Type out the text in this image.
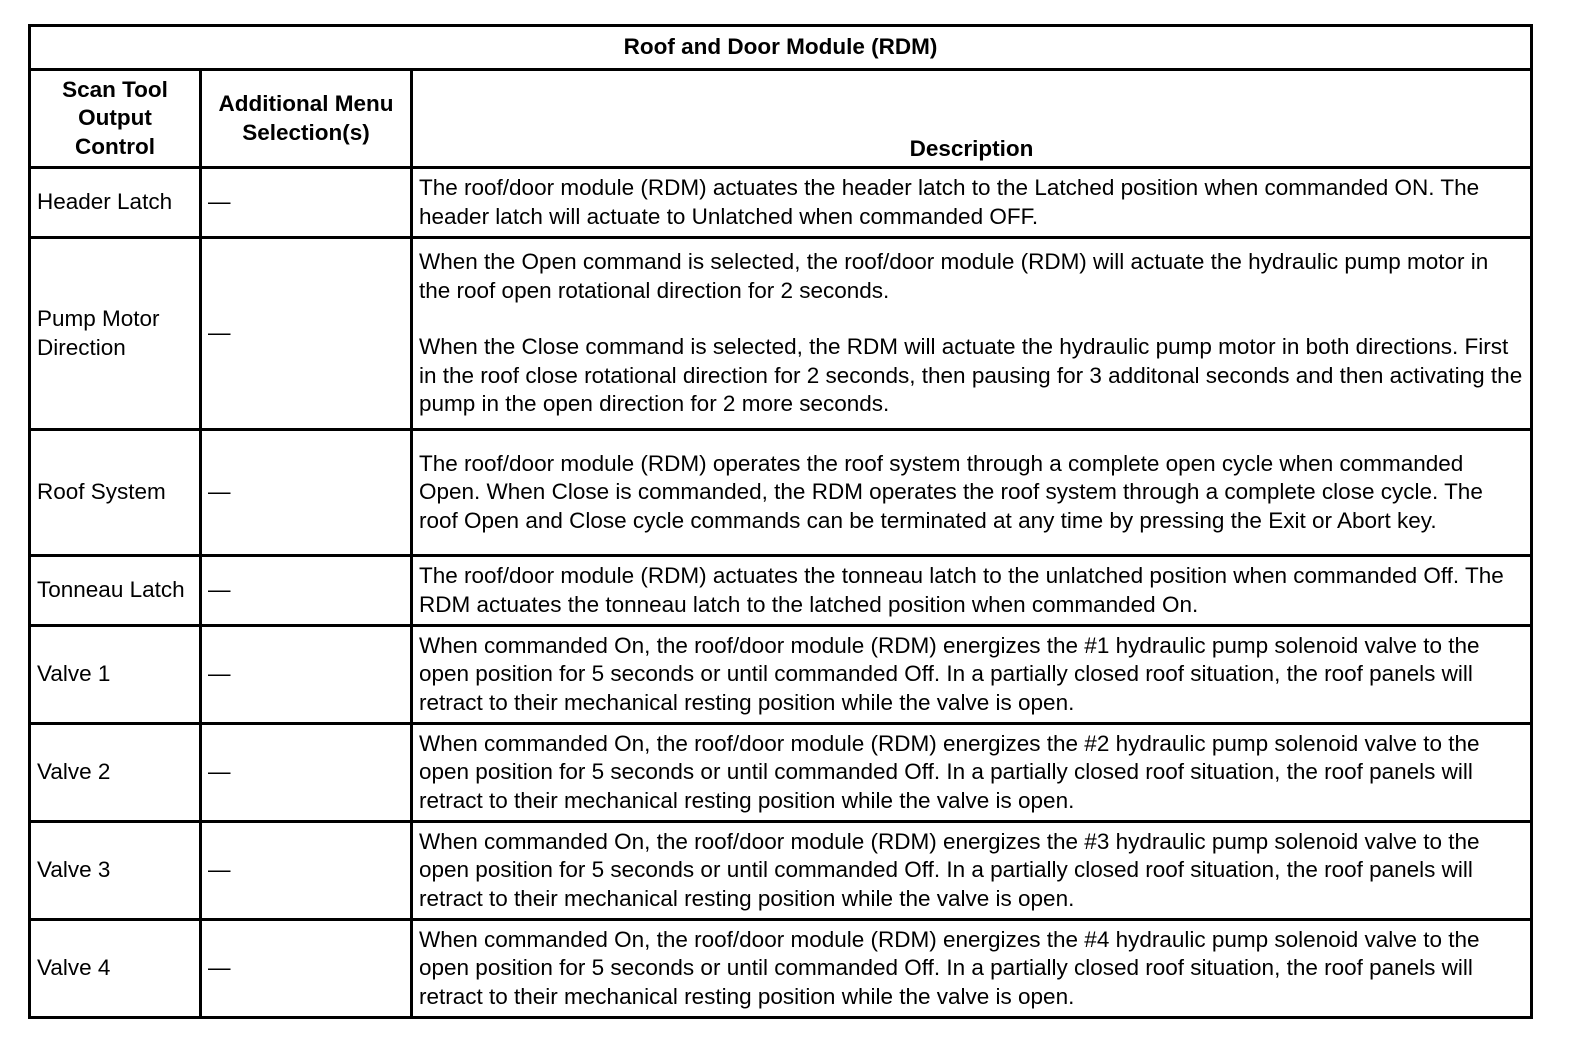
Roof and Door Module (RDM)		
Scan Tool Output Control	Additional Menu Selection(s)	Description
Header Latch	—	The roof/door module (RDM) actuates the header latch to the Latched position when commanded ON. The header latch will actuate to Unlatched when commanded OFF.

Pump Motor Direction	—	When the Open command is selected, the roof/door module (RDM) will actuate the hydraulic pump motor in the roof open rotational direction for 2 seconds.

When the Close command is selected, the RDM will actuate the hydraulic pump motor in both directions. First in the roof close rotational direction for 2 seconds, then pausing for 3 additonal seconds and then activating the pump in the open direction for 2 more seconds.

Roof System	—	The roof/door module (RDM) operates the roof system through a complete open cycle when commanded Open. When Close is commanded, the RDM operates the roof system through a complete close cycle. The roof Open and Close cycle commands can be terminated at any time by pressing the Exit or Abort key.

Tonneau Latch	—	The roof/door module (RDM) actuates the tonneau latch to the unlatched position when commanded Off. The RDM actuates the tonneau latch to the latched position when commanded On.

Valve 1	—	When commanded On, the roof/door module (RDM) energizes the #1 hydraulic pump solenoid valve to the open position for 5 seconds or until commanded Off. In a partially closed roof situation, the roof panels will retract to their mechanical resting position while the valve is open.

Valve 2	—	When commanded On, the roof/door module (RDM) energizes the #2 hydraulic pump solenoid valve to the open position for 5 seconds or until commanded Off. In a partially closed roof situation, the roof panels will retract to their mechanical resting position while the valve is open.

Valve 3	—	When commanded On, the roof/door module (RDM) energizes the #3 hydraulic pump solenoid valve to the open position for 5 seconds or until commanded Off. In a partially closed roof situation, the roof panels will retract to their mechanical resting position while the valve is open.

Valve 4	—	When commanded On, the roof/door module (RDM) energizes the #4 hydraulic pump solenoid valve to the open position for 5 seconds or until commanded Off. In a partially closed roof situation, the roof panels will retract to their mechanical resting position while the valve is open.
